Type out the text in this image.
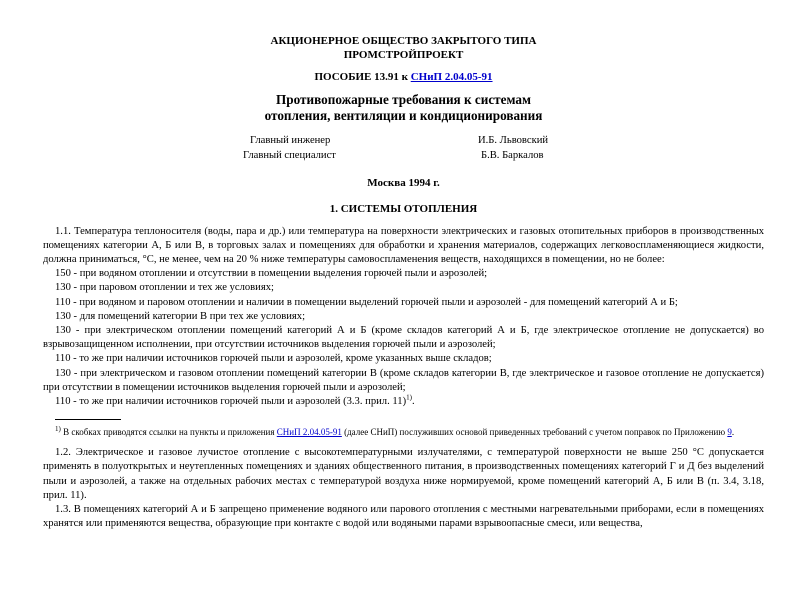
АКЦИОНЕРНОЕ ОБЩЕСТВО ЗАКРЫТОГО ТИПА
ПРОМСТРОЙПРОЕКТ
ПОСОБИЕ 13.91 к СНиП 2.04.05-91
Противопожарные требования к системам
отопления, вентиляции и кондиционирования
Главный инженер	И.Б. Львовский
Главный специалист	Б.В. Баркалов
Москва 1994 г.
1. СИСТЕМЫ ОТОПЛЕНИЯ

1.1. Температура теплоносителя (воды, пара и др.) или температура на поверхности электрических и газовых отопительных приборов в производственных помещениях категории А, Б или В, в торговых залах и помещениях для обработки и хранения материалов, содержащих легковоспламеняющиеся жидкости, должна приниматься, °С, не менее, чем на 20 % ниже температуры самовоспламенения веществ, находящихся в помещении, но не более:

150 - при водяном отоплении и отсутствии в помещении выделения горючей пыли и аэрозолей;

130 - при паровом отоплении и тех же условиях;

110 - при водяном и паровом отоплении и наличии в помещении выделений горючей пыли и аэрозолей - для помещений категорий А и Б;

130 - для помещений категории В при тех же условиях;

130 - при электрическом отоплении помещений категорий А и Б (кроме складов категорий А и Б, где электрическое отопление не допускается) во взрывозащищенном исполнении, при отсутствии источников выделения горючей пыли и аэрозолей;

110 - то же при наличии источников горючей пыли и аэрозолей, кроме указанных выше складов;

130 - при электрическом и газовом отоплении помещений категории В (кроме складов категории В, где электрическое и газовое отопление не допускается) при отсутствии в помещении источников выделения горючей пыли и аэрозолей;

110 - то же при наличии источников горючей пыли и аэрозолей (3.3. прил. 11)$^{1)}$.

$^{1)}$ В скобках приводятся ссылки на пункты и приложения СНиП 2.04.05-91 (далее СНиП) послуживших основой приведенных требований с учетом поправок по Приложению 9.

1.2. Электрическое и газовое лучистое отопление с высокотемпературными излучателями, с температурой поверхности не выше 250 °С допускается применять в полуоткрытых и неутепленных помещениях и зданиях общественного питания, в производственных помещениях категорий Г и Д без выделений пыли и аэрозолей, а также на отдельных рабочих местах с температурой воздуха ниже нормируемой, кроме помещений категорий А, Б или В (п. 3.4, 3.18, прил. 11).

1.3. В помещениях категорий А и Б запрещено применение водяного или парового отопления с местными нагревательными приборами, если в помещениях хранятся или применяются вещества, образующие при контакте с водой или водяными парами взрывоопасные смеси, или вещества,
